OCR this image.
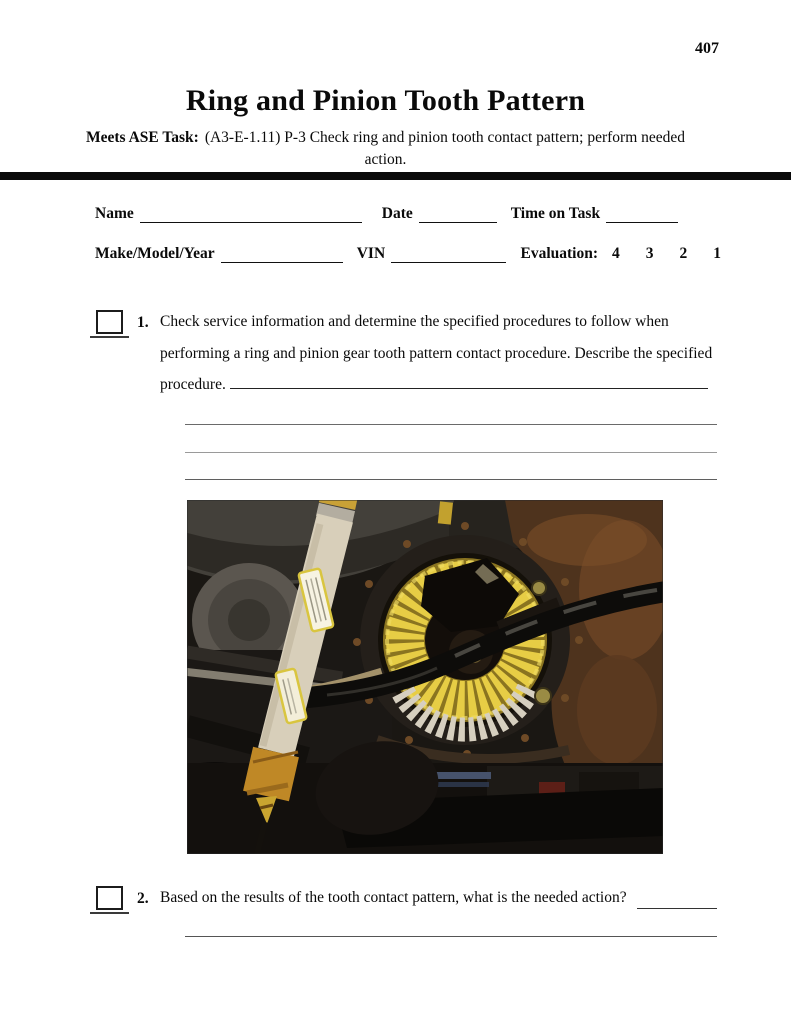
407
Ring and Pinion Tooth Pattern
Meets ASE Task: (A3-E-1.11) P-3 Check ring and pinion tooth contact pattern; perform needed
action.
Name	Date	Time on Task
Make/Model/Year	VIN	Evaluation: 4 3 2 1
1. Check service information and determine the specified procedures to follow when performing a ring and pinion gear tooth pattern contact procedure. Describe the specified procedure.
2. Based on the results of the tooth contact pattern, what is the needed action?
